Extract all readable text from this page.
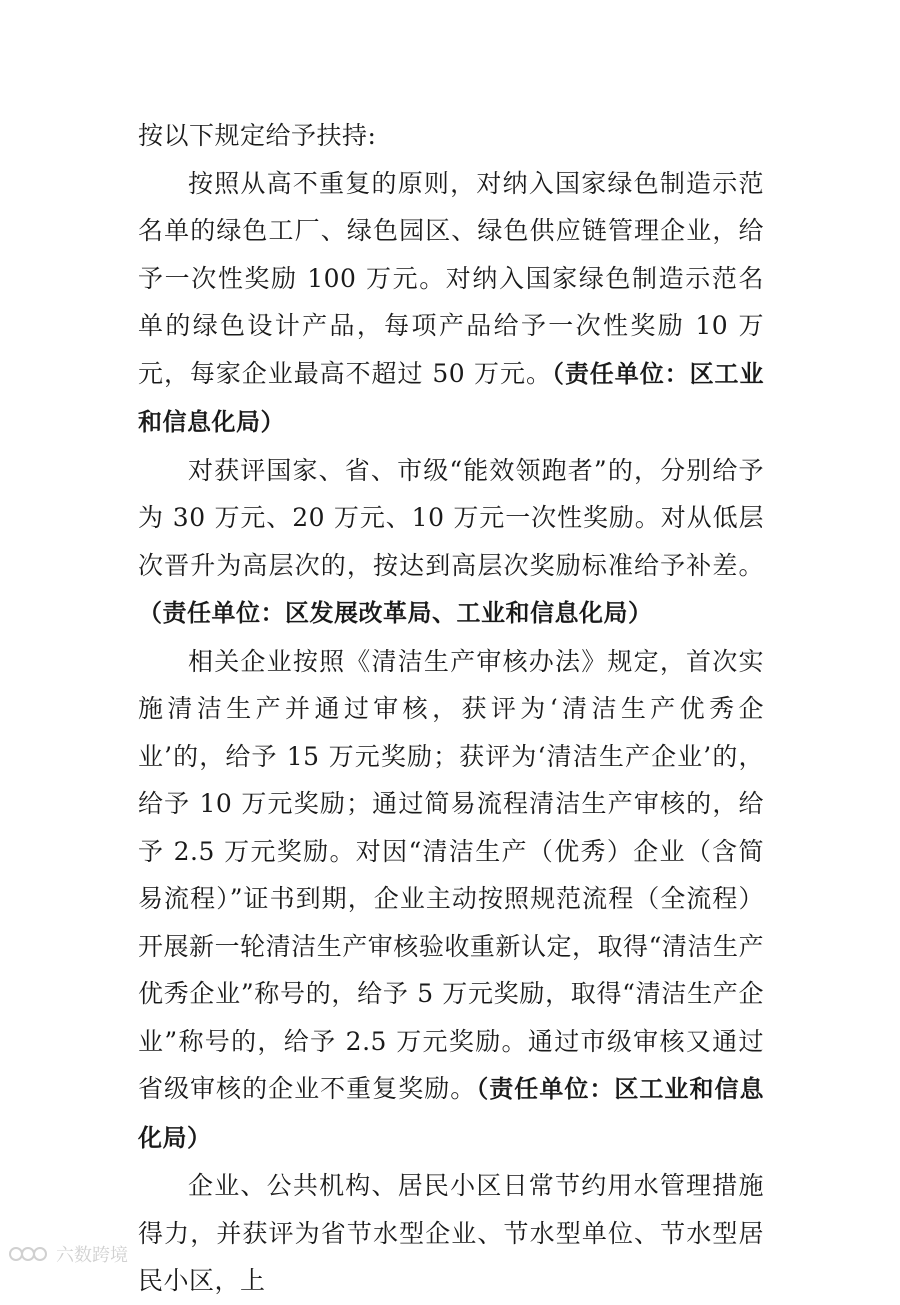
按以下规定给予扶持:

按照从高不重复的原则，对纳入国家绿色制造示范名单的绿色工厂、绿色园区、绿色供应链管理企业，给予一次性奖励 100 万元。对纳入国家绿色制造示范名单的绿色设计产品，每项产品给予一次性奖励 10 万元，每家企业最高不超过 50 万元。（责任单位：区工业和信息化局）

对获评国家、省、市级“能效领跑者”的，分别给予为 30 万元、20 万元、10 万元一次性奖励。对从低层次晋升为高层次的，按达到高层次奖励标准给予补差。（责任单位：区发展改革局、工业和信息化局）

相关企业按照《清洁生产审核办法》规定，首次实施清洁生产并通过审核，获评为‘清洁生产优秀企业’的，给予 15 万元奖励；获评为‘清洁生产企业’的，给予 10 万元奖励；通过简易流程清洁生产审核的，给予 2.5 万元奖励。对因“清洁生产（优秀）企业（含简易流程）”证书到期，企业主动按照规范流程（全流程）开展新一轮清洁生产审核验收重新认定，取得“清洁生产优秀企业”称号的，给予 5 万元奖励，取得“清洁生产企业”称号的，给予 2.5 万元奖励。通过市级审核又通过省级审核的企业不重复奖励。（责任单位：区工业和信息化局）

企业、公共机构、居民小区日常节约用水管理措施得力，并获评为省节水型企业、节水型单位、节水型居民小区，上

六数跨境
